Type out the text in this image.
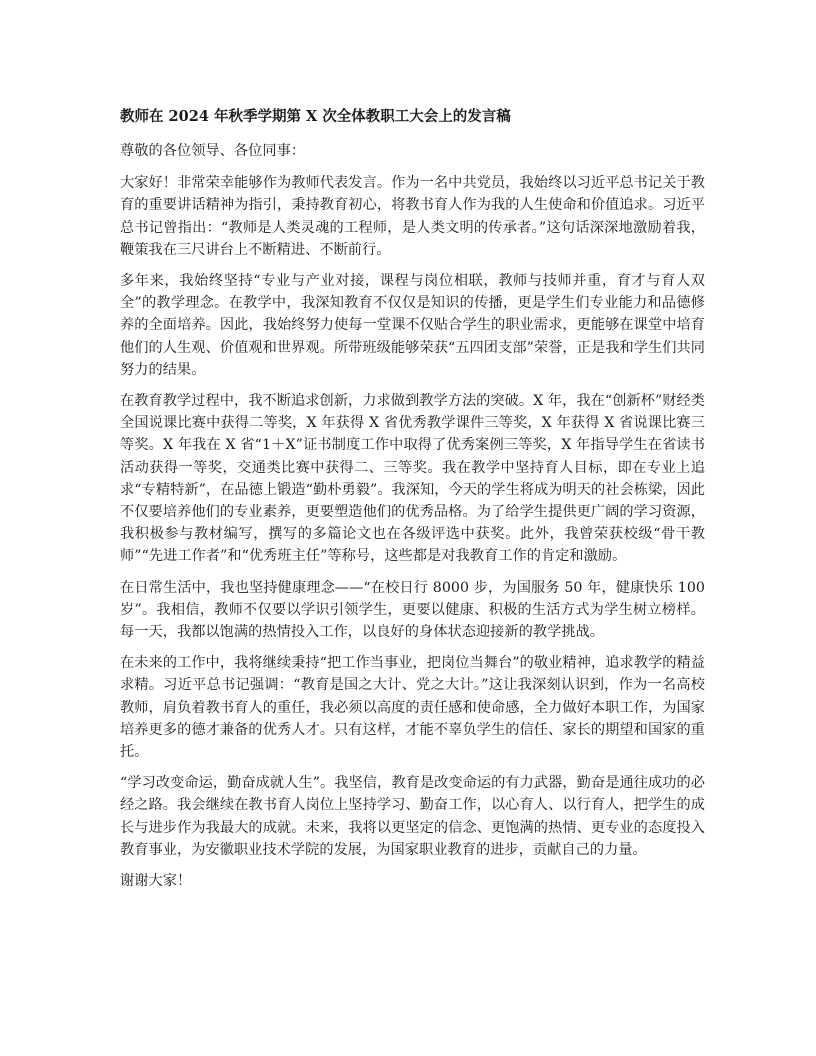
教师在 2024 年秋季学期第 X 次全体教职工大会上的发言稿

尊敬的各位领导、各位同事：

大家好！非常荣幸能够作为教师代表发言。作为一名中共党员，我始终以习近平总书记关于教育的重要讲话精神为指引，秉持教育初心，将教书育人作为我的人生使命和价值追求。习近平总书记曾指出：“教师是人类灵魂的工程师，是人类文明的传承者。”这句话深深地激励着我，鞭策我在三尺讲台上不断精进、不断前行。

多年来，我始终坚持“专业与产业对接，课程与岗位相联，教师与技师并重，育才与育人双全”的教学理念。在教学中，我深知教育不仅仅是知识的传播，更是学生们专业能力和品德修养的全面培养。因此，我始终努力使每一堂课不仅贴合学生的职业需求，更能够在课堂中培育他们的人生观、价值观和世界观。所带班级能够荣获“五四团支部”荣誉，正是我和学生们共同努力的结果。

在教育教学过程中，我不断追求创新，力求做到教学方法的突破。X 年，我在“创新杯”财经类全国说课比赛中获得二等奖，X 年获得 X 省优秀教学课件三等奖，X 年获得 X 省说课比赛三等奖。X 年我在 X 省“1＋X”证书制度工作中取得了优秀案例三等奖，X 年指导学生在省读书活动获得一等奖，交通类比赛中获得二、三等奖。我在教学中坚持育人目标，即在专业上追求“专精特新”，在品德上锻造“勤朴勇毅”。我深知，今天的学生将成为明天的社会栋梁，因此不仅要培养他们的专业素养，更要塑造他们的优秀品格。为了给学生提供更广阔的学习资源，我积极参与教材编写，撰写的多篇论文也在各级评选中获奖。此外，我曾荣获校级“骨干教师”“先进工作者”和“优秀班主任”等称号，这些都是对我教育工作的肯定和激励。

在日常生活中，我也坚持健康理念——“在校日行 8000 步，为国服务 50 年，健康快乐 100 岁”。我相信，教师不仅要以学识引领学生，更要以健康、积极的生活方式为学生树立榜样。每一天，我都以饱满的热情投入工作，以良好的身体状态迎接新的教学挑战。

在未来的工作中，我将继续秉持“把工作当事业，把岗位当舞台”的敬业精神，追求教学的精益求精。习近平总书记强调：“教育是国之大计、党之大计。”这让我深刻认识到，作为一名高校教师，肩负着教书育人的重任，我必须以高度的责任感和使命感，全力做好本职工作，为国家培养更多的德才兼备的优秀人才。只有这样，才能不辜负学生的信任、家长的期望和国家的重托。

“学习改变命运，勤奋成就人生”。我坚信，教育是改变命运的有力武器，勤奋是通往成功的必经之路。我会继续在教书育人岗位上坚持学习、勤奋工作，以心育人、以行育人，把学生的成长与进步作为我最大的成就。未来，我将以更坚定的信念、更饱满的热情、更专业的态度投入教育事业，为安徽职业技术学院的发展，为国家职业教育的进步，贡献自己的力量。

谢谢大家！
